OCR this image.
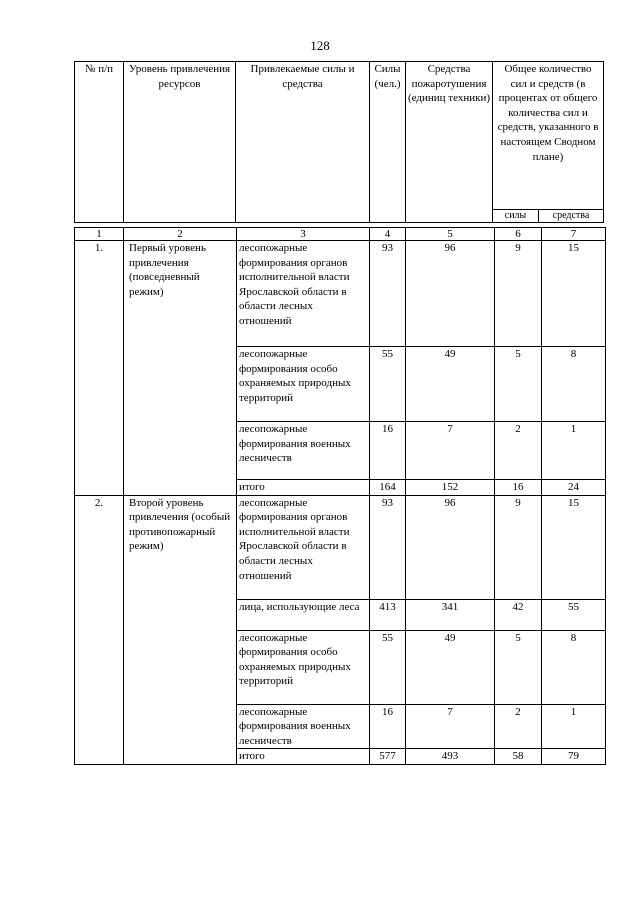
128
№ п/п	Уровень привлечения ресурсов	Привлекаемые силы и средства	Силы (чел.)	Средства пожаротушения (единиц техники)	Общее количество сил и средств (в процентах от общего количества сил и средств, указанного в настоящем Сводном плане)	
					силы	средства
1	2	3	4	5	6	7
1.	Первый уровень привлечения (повседневный режим)	лесопожарные формирования органов исполнительной власти Ярославской области в области лесных отношений	93	96	9	15
		лесопожарные формирования особо охраняемых природных территорий	55	49	5	8
		лесопожарные формирования военных лесничеств	16	7	2	1
		итого	164	152	16	24
2.	Второй уровень привлечения (особый противопожарный режим)	лесопожарные формирования органов исполнительной власти Ярославской области в области лесных отношений	93	96	9	15
		лица, использующие леса	413	341	42	55
		лесопожарные формирования особо охраняемых природных территорий	55	49	5	8
		лесопожарные формирования военных лесничеств	16	7	2	1
		итого	577	493	58	79
